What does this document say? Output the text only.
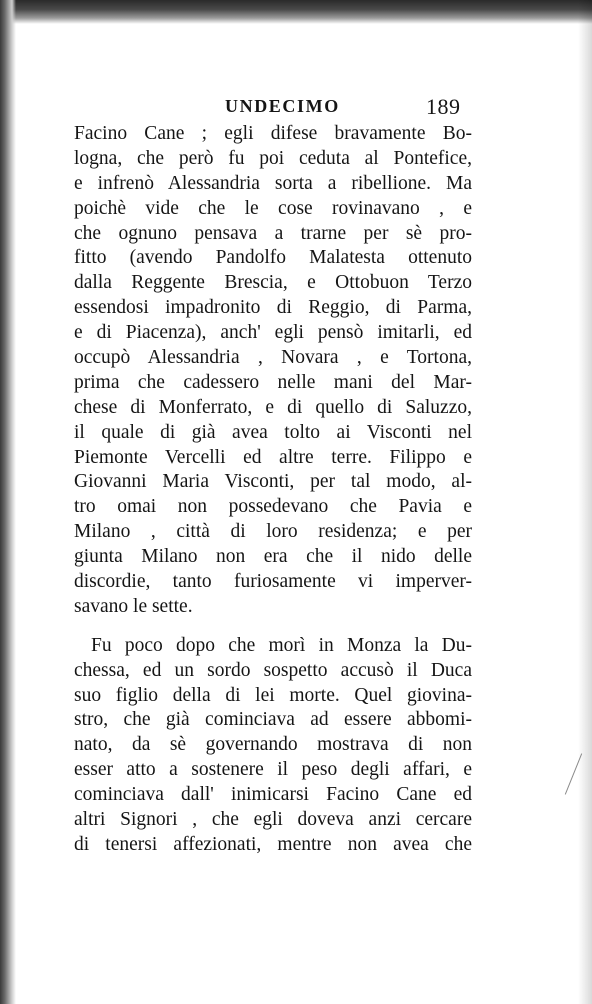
UNDECIMO	189
Facino Cane ; egli difese bravamente Bo-
logna, che però fu poi ceduta al Pontefice,
e infrenò Alessandria sorta a ribellione. Ma
poichè vide che le cose rovinavano , e
che ognuno pensava a trarne per sè pro-
fitto (avendo Pandolfo Malatesta ottenuto
dalla Reggente Brescia, e Ottobuon Terzo
essendosi impadronito di Reggio, di Parma,
e di Piacenza), anch' egli pensò imitarli, ed
occupò Alessandria , Novara , e Tortona,
prima che cadessero nelle mani del Mar-
chese di Monferrato, e di quello di Saluzzo,
il quale di già avea tolto ai Visconti nel
Piemonte Vercelli ed altre terre. Filippo e
Giovanni Maria Visconti, per tal modo, al-
tro omai non possedevano che Pavia e
Milano , città di loro residenza; e per
giunta Milano non era che il nido delle
discordie, tanto furiosamente vi imperver-
savano le sette.
Fu poco dopo che morì in Monza la Du-
chessa, ed un sordo sospetto accusò il Duca
suo figlio della di lei morte. Quel giovina-
stro, che già cominciava ad essere abbomi-
nato, da sè governando mostrava di non
esser atto a sostenere il peso degli affari, e
cominciava dall' inimicarsi Facino Cane ed
altri Signori , che egli doveva anzi cercare
di tenersi affezionati, mentre non avea che
